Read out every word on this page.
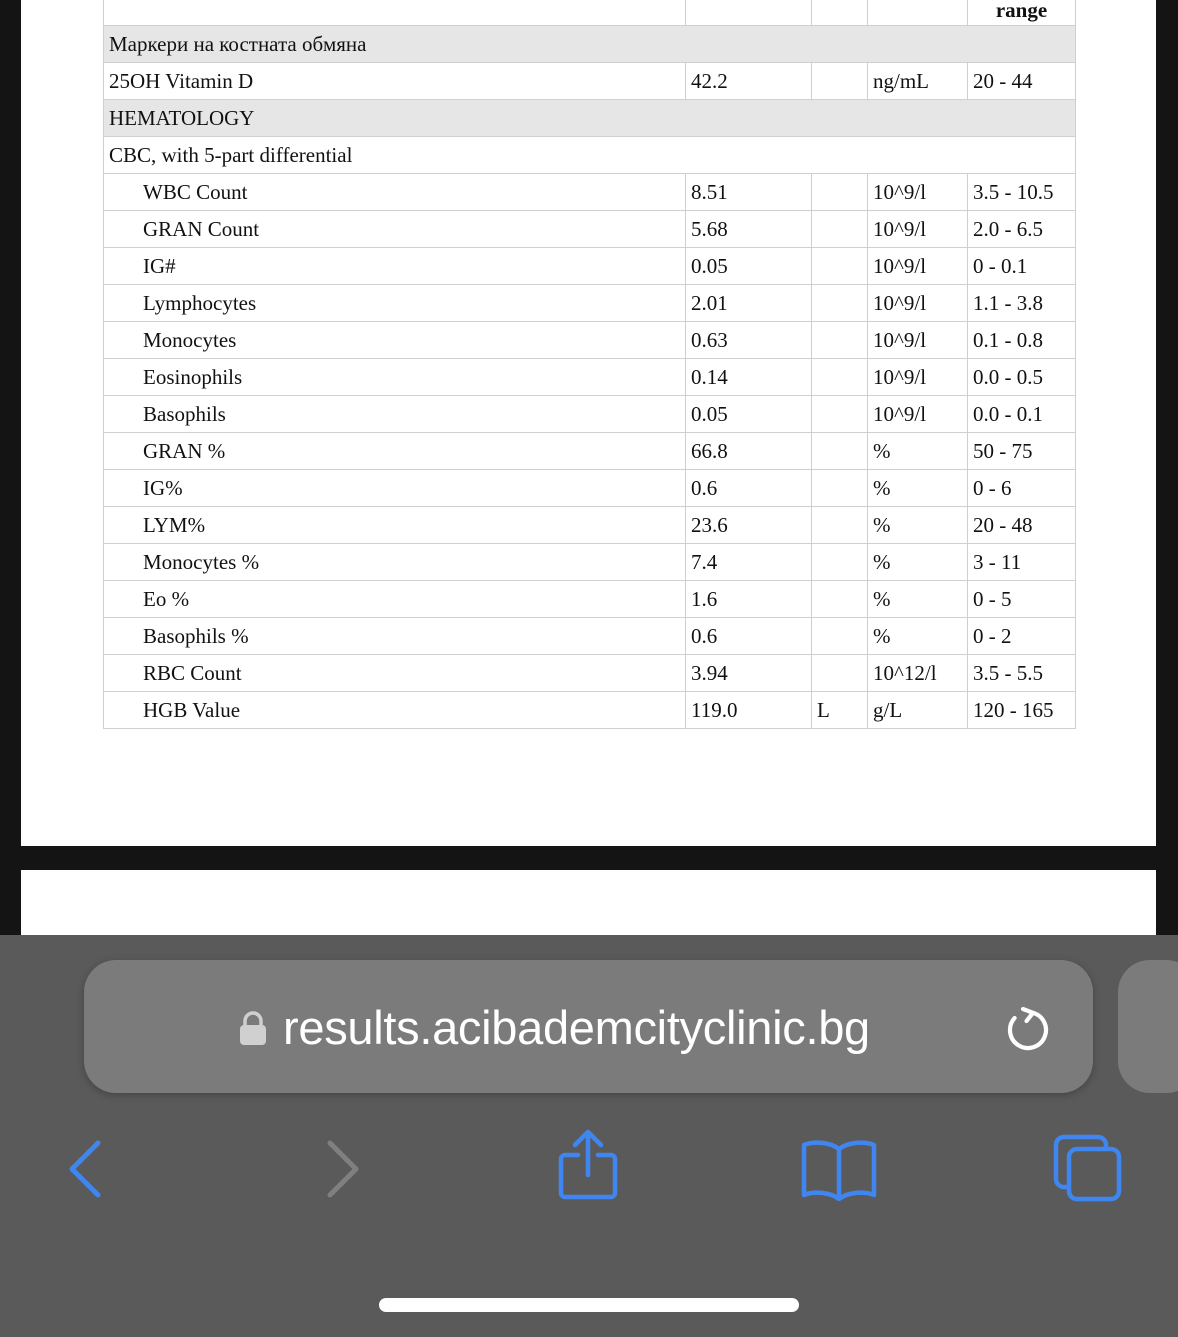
				range
Маркери на костната обмяна				
25OH Vitamin D	42.2		ng/mL	20 - 44
HEMATOLOGY				
CBC, with 5-part differential				
WBC Count	8.51		10^9/l	3.5 - 10.5
GRAN Count	5.68		10^9/l	2.0 - 6.5
IG#	0.05		10^9/l	0 - 0.1
Lymphocytes	2.01		10^9/l	1.1 - 3.8
Monocytes	0.63		10^9/l	0.1 - 0.8
Eosinophils	0.14		10^9/l	0.0 - 0.5
Basophils	0.05		10^9/l	0.0 - 0.1
GRAN %	66.8		%	50 - 75
IG%	0.6		%	0 - 6
LYM%	23.6		%	20 - 48
Monocytes %	7.4		%	3 - 11
Eo %	1.6		%	0 - 5
Basophils %	0.6		%	0 - 2
RBC Count	3.94		10^12/l	3.5 - 5.5
HGB Value	119.0	L	g/L	120 - 165
results.acibademcityclinic.bg
